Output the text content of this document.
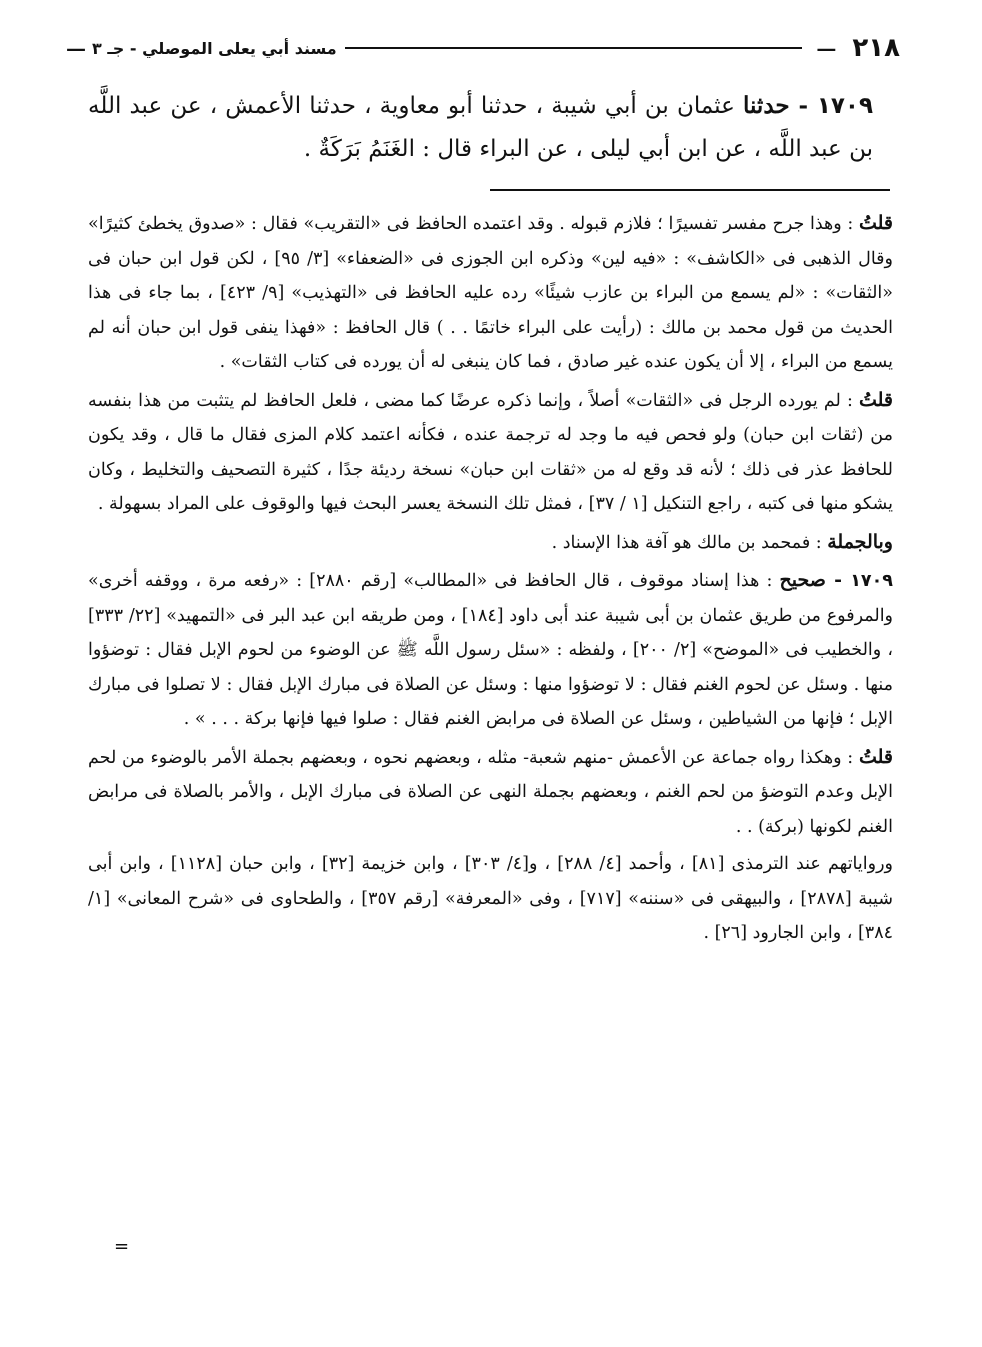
٢١٨
—
مسند أبي يعلى الموصلي - جـ ٣
—
١٧٠٩ - حدثنا عثمان بن أبي شيبة ، حدثنا أبو معاوية ، حدثنا الأعمش ، عن عبد اللَّه بن عبد اللَّه ، عن ابن أبي ليلى ، عن البراء قال : الغَنَمُ بَرَكَةٌ .

قلتُ : وهذا جرح مفسر تفسيرًا ؛ فلازم قبوله . وقد اعتمده الحافظ فى «التقريب» فقال : «صدوق يخطئ كثيرًا» وقال الذهبى فى «الكاشف» : «فيه لين» وذكره ابن الجوزى فى «الضعفاء» [٣/ ٩٥] ، لكن قول ابن حبان فى «الثقات» : «لم يسمع من البراء بن عازب شيئًا» رده عليه الحافظ فى «التهذيب» [٩/ ٤٢٣] ، بما جاء فى هذا الحديث من قول محمد بن مالك : (رأيت على البراء خاتمًا . . ) قال الحافظ : «فهذا ينفى قول ابن حبان أنه لم يسمع من البراء ، إلا أن يكون عنده غير صادق ، فما كان ينبغى له أن يورده فى كتاب الثقات» .

قلتُ : لم يورده الرجل فى «الثقات» أصلاً ، وإنما ذكره عرضًا كما مضى ، فلعل الحافظ لم يتثبت من هذا بنفسه من (ثقات ابن حبان) ولو فحص فيه ما وجد له ترجمة عنده ، فكأنه اعتمد كلام المزى فقال ما قال ، وقد يكون للحافظ عذر فى ذلك ؛ لأنه قد وقع له من «ثقات ابن حبان» نسخة رديئة جدًا ، كثيرة التصحيف والتخليط ، وكان يشكو منها فى كتبه ، راجع التنكيل [١ / ٣٧] ، فمثل تلك النسخة يعسر البحث فيها والوقوف على المراد بسهولة .

وبالجملة : فمحمد بن مالك هو آفة هذا الإسناد .

١٧٠٩ - صحيح : هذا إسناد موقوف ، قال الحافظ فى «المطالب» [رقم ٢٨٨٠] : «رفعه مرة ، ووقفه أخرى» والمرفوع من طريق عثمان بن أبى شيبة عند أبى داود [١٨٤] ، ومن طريقه ابن عبد البر فى «التمهيد» [٢٢/ ٣٣٣] ، والخطيب فى «الموضح» [٢/ ٢٠٠] ، ولفظه : «سئل رسول اللَّه ﷺ عن الوضوء من لحوم الإبل فقال : توضؤوا منها . وسئل عن لحوم الغنم فقال : لا توضؤوا منها : وسئل عن الصلاة فى مبارك الإبل فقال : لا تصلوا فى مبارك الإبل ؛ فإنها من الشياطين ، وسئل عن الصلاة فى مرابض الغنم فقال : صلوا فيها فإنها بركة . . . » .

قلتُ : وهكذا رواه جماعة عن الأعمش -منهم شعبة- مثله ، وبعضهم نحوه ، وبعضهم بجملة الأمر بالوضوء من لحم الإبل وعدم التوضؤ من لحم الغنم ، وبعضهم بجملة النهى عن الصلاة فى مبارك الإبل ، والأمر بالصلاة فى مرابض الغنم لكونها (بركة) . .

وروایاتهم عند الترمذى [٨١] ، وأحمد [٤/ ٢٨٨] ، و[٤/ ٣٠٣] ، وابن خزيمة [٣٢] ، وابن حبان [١١٢٨] ، وابن أبى شيبة [٢٨٧٨] ، والبيهقى فى «سننه» [٧١٧] ، وفى «المعرفة» [رقم ٣٥٧] ، والطحاوى فى «شرح المعانى» [١/ ٣٨٤] ، وابن الجارود [٢٦] .

=
